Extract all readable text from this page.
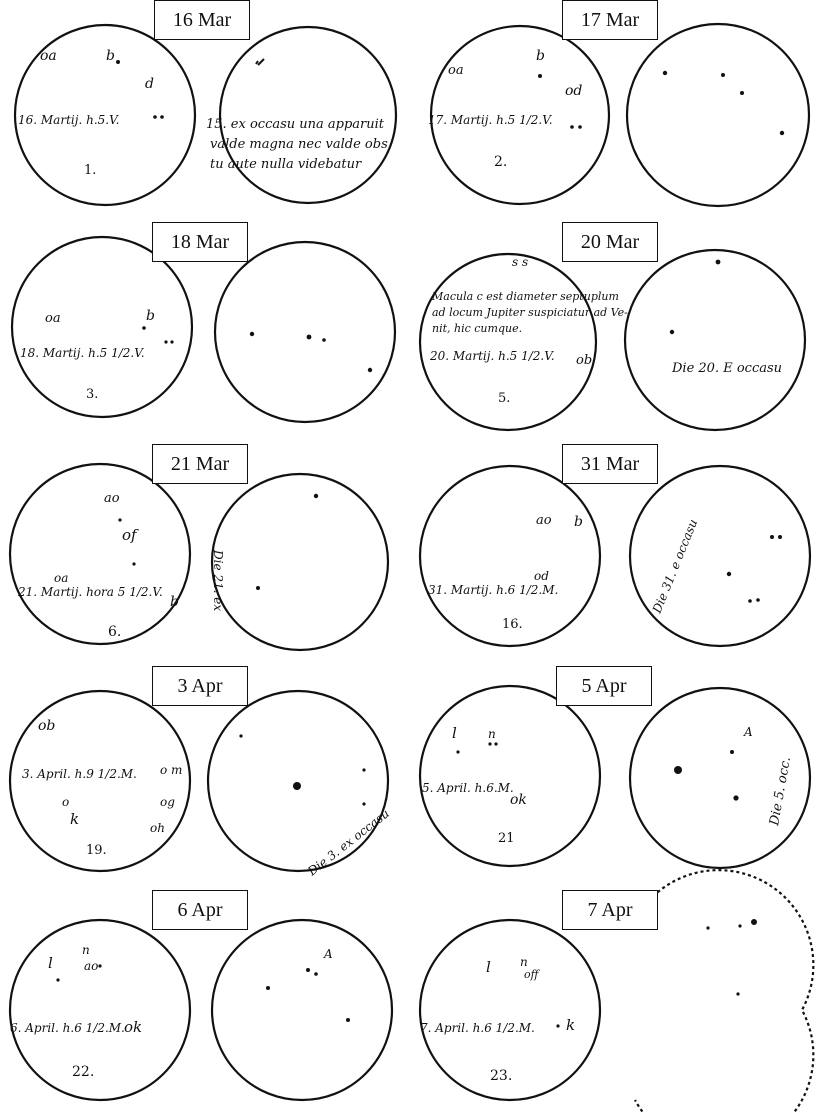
oa	b
d
16. Martij. h.5.V.
1.
15. ex occasu una apparuit
valde magna nec valde obs
tu aute nulla videbatur
16 Mar
oa
b
od
17. Martij. h.5 1/2.V.
2.
17 Mar
oa	b
18. Martij. h.5 1/2.V.
3.
18 Mar
s s
ob
Macula c est diameter septuplum
ad locum Jupiter suspiciatur ad Ve-
nit, hic cumque.
20. Martij. h.5 1/2.V.
5.
Die 20. E occasu
20 Mar
ao
of
oa
b
21. Martij. hora 5 1/2.V.
6.
Die 21. ex
21 Mar
ao b
od
31. Martij. h.6 1/2.M.
16.
Die 31. e occasu
31 Mar
ob
o m
o
k
og
oh
3. April. h.9 1/2.M.
19.	Die 3. ex occasu
3 Apr
l	n
ok
A
5. April. h.6.M.
21
Die 5. occ.
5 Apr
l
n
ao
ok
A
6. April. h.6 1/2.M.
22.
6 Apr
l n
off
k
7. April. h.6 1/2.M.
23.
7 Apr
